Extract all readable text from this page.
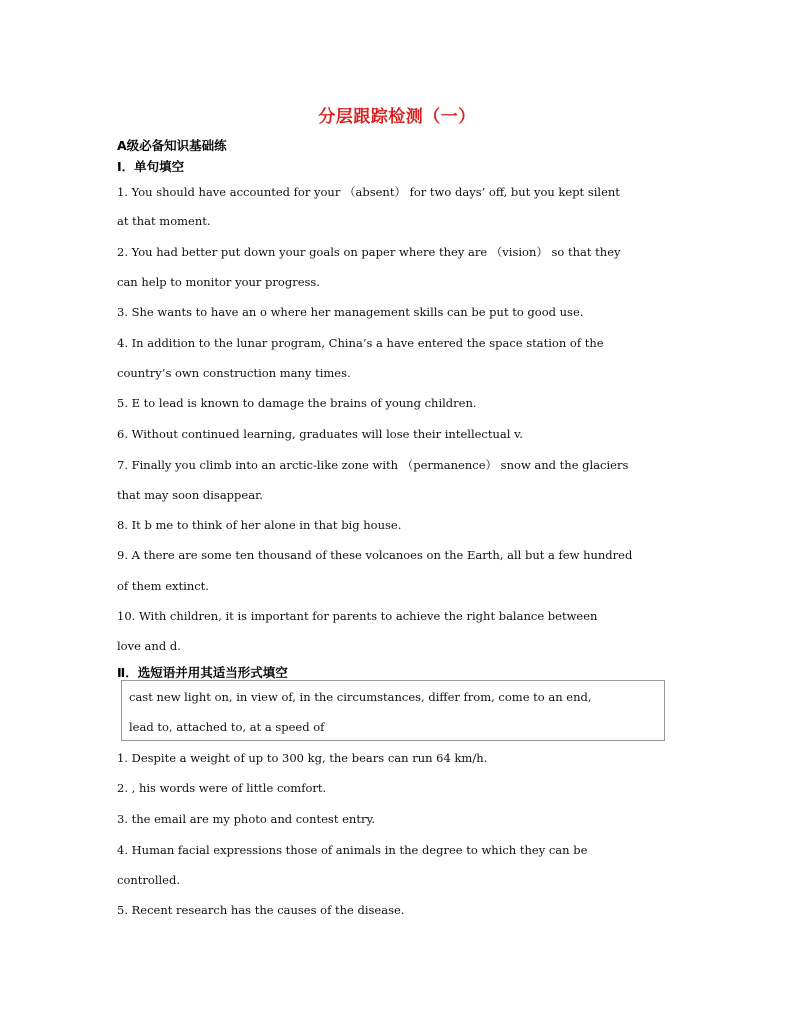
分层跟踪检测（一）
A级必备知识基础练
Ⅰ．单句填空
1. You should have accounted for your （absent） for two days’ off, but you kept silent
at that moment.
2. You had better put down your goals on paper where they are （vision） so that they
can help to monitor your progress.
3. She wants to have an o where her management skills can be put to good use.
4. In addition to the lunar program, China’s a have entered the space station of the
country’s own construction many times.
5. E to lead is known to damage the brains of young children.
6. Without continued learning, graduates will lose their intellectual v.
7. Finally you climb into an arctic-like zone with （permanence） snow and the glaciers
that may soon disappear.
8. It b me to think of her alone in that big house.
9. A there are some ten thousand of these volcanoes on the Earth, all but a few hundred
of them extinct.
10. With children, it is important for parents to achieve the right balance between
love and d.
Ⅱ．选短语并用其适当形式填空
cast new light on, in view of, in the circumstances, differ from, come to an end,
lead to, attached to, at a speed of
1. Despite a weight of up to 300 kg, the bears can run 64 km/h.
2. , his words were of little comfort.
3. the email are my photo and contest entry.
4. Human facial expressions those of animals in the degree to which they can be
controlled.
5. Recent research has the causes of the disease.
